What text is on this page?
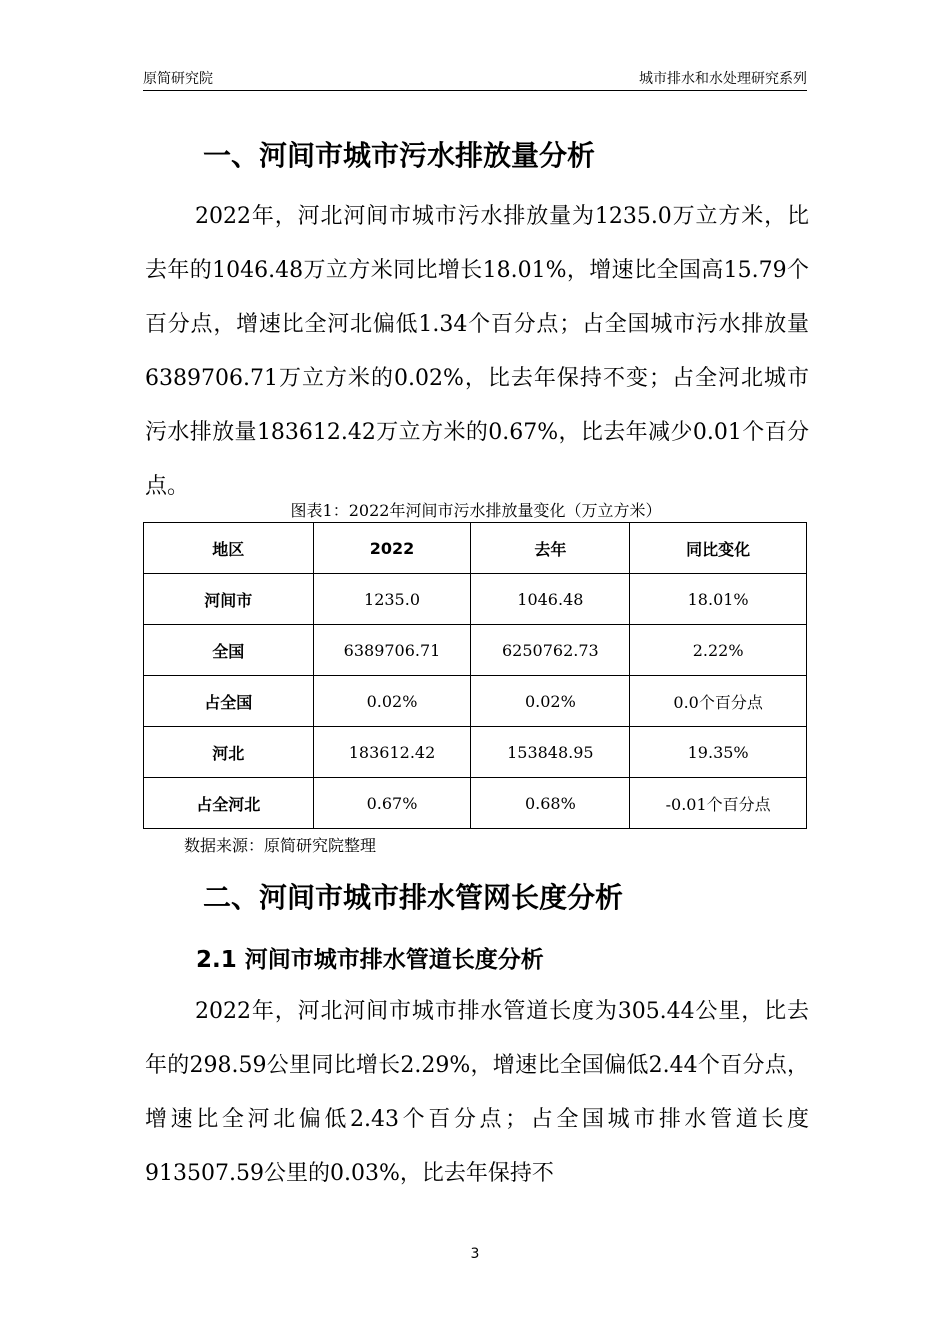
原简研究院	城市排水和水处理研究系列
一、河间市城市污水排放量分析

2022年，河北河间市城市污水排放量为1235.0万立方米，比去年的1046.48万立方米同比增长18.01%，增速比全国高15.79个百分点，增速比全河北偏低1.34个百分点；占全国城市污水排放量6389706.71万立方米的0.02%，比去年保持不变；占全河北城市污水排放量183612.42万立方米的0.67%，比去年减少0.01个百分点。

图表1：2022年河间市污水排放量变化（万立方米）
地区	2022	去年	同比变化
河间市	1235.0	1046.48	18.01%
全国	6389706.71	6250762.73	2.22%
占全国	0.02%	0.02%	0.0个百分点
河北	183612.42	153848.95	19.35%
占全河北	0.67%	0.68%	-0.01个百分点
数据来源：原简研究院整理
二、河间市城市排水管网长度分析
2.1 河间市城市排水管道长度分析

2022年，河北河间市城市排水管道长度为305.44公里，比去年的298.59公里同比增长2.29%，增速比全国偏低2.44个百分点，增速比全河北偏低2.43个百分点；占全国城市排水管道长度913507.59公里的0.03%，比去年保持不

3
